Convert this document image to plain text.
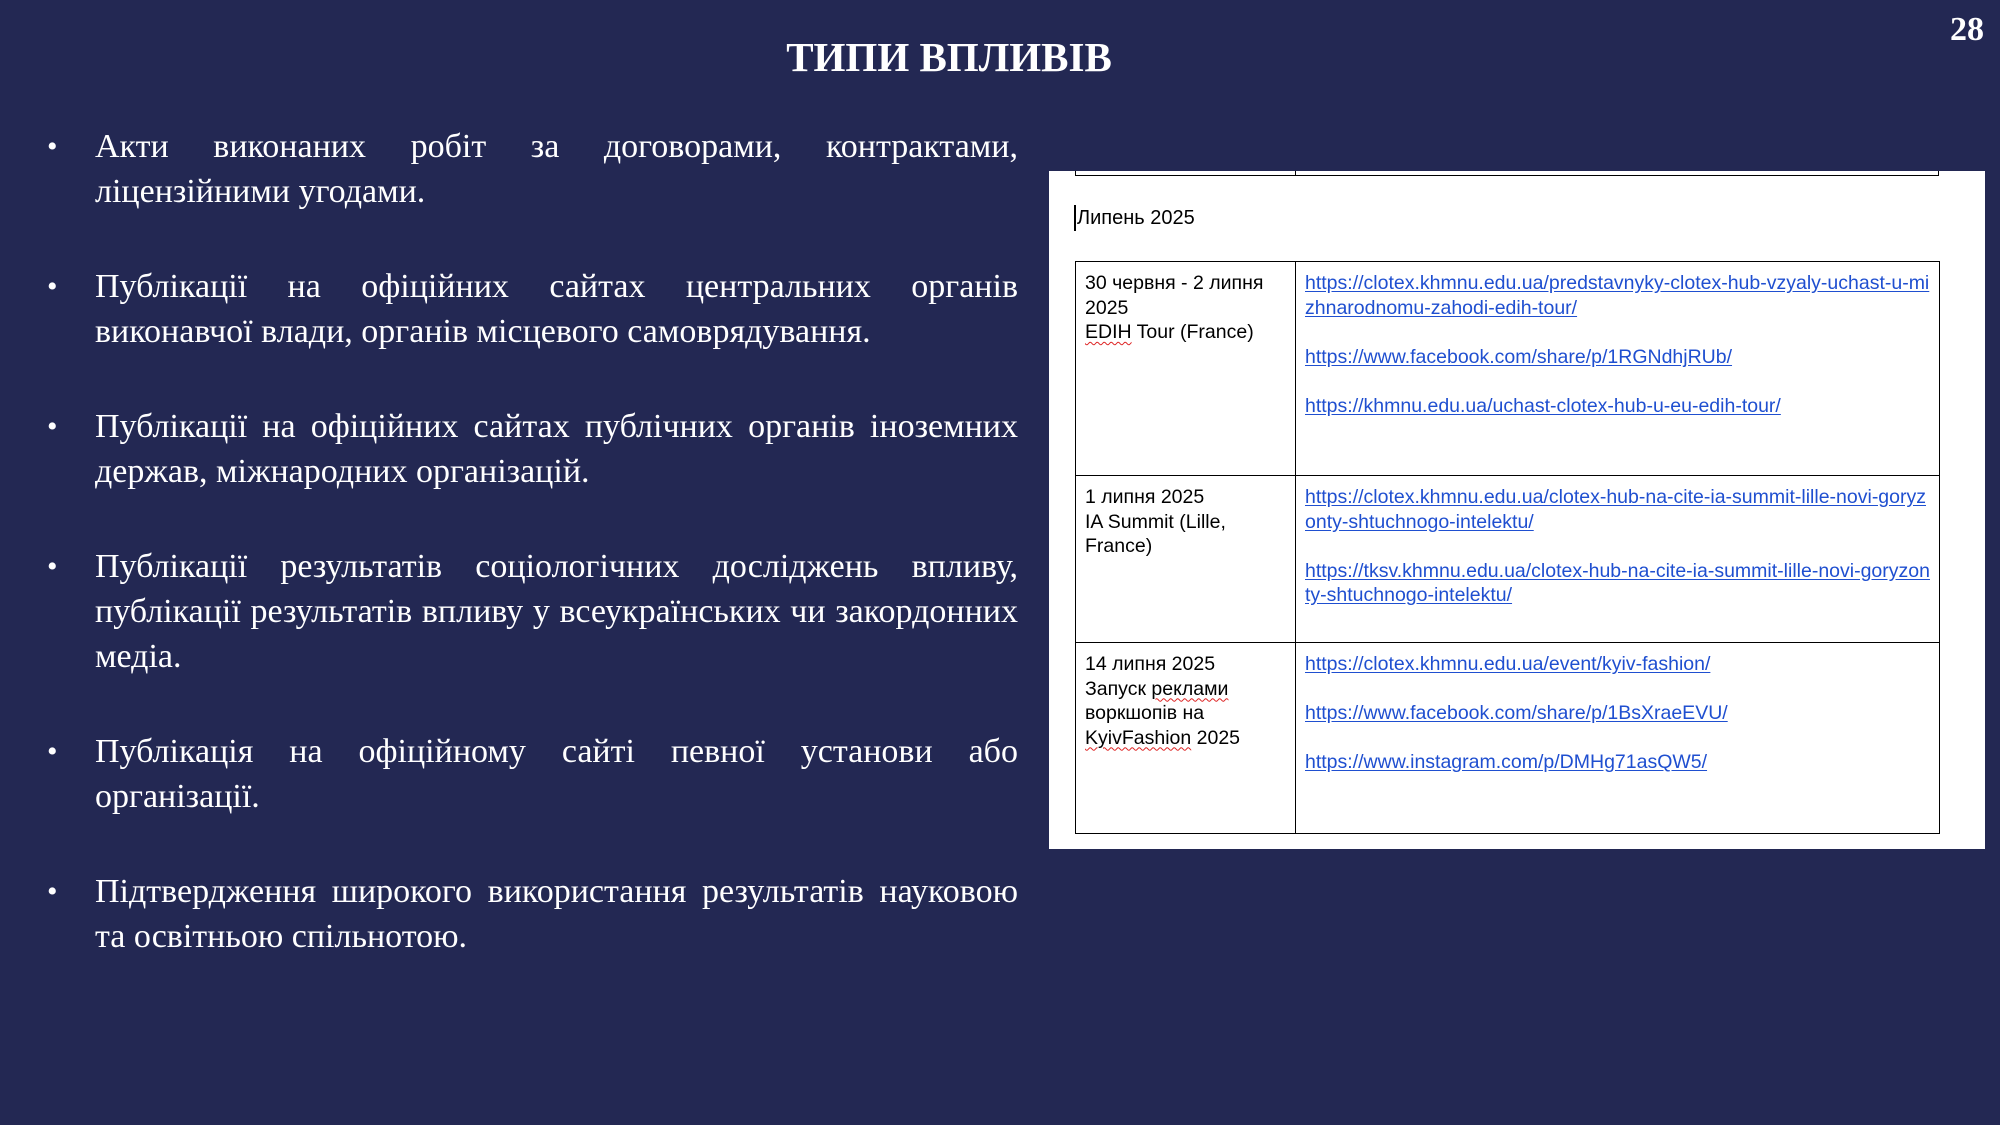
28
ТИПИ ВПЛИВІВ
• Акти виконаних робіт за договорами, контрактами, ліцензійними угодами.
• Публікації на офіційних сайтах центральних органів виконавчої влади, органів місцевого самоврядування.
• Публікації на офіційних сайтах публічних органів іноземних держав, міжнародних організацій.
• Публікації результатів соціологічних досліджень впливу, публікації результатів впливу у всеукраїнських чи закордонних медіа.
• Публікація на офіційному сайті певної установи або організації.
• Підтвердження широкого використання результатів науковою та освітньою спільнотою.
Липень 2025
30 червня - 2 липня 2025
EDIH Tour (France)	https://clotex.khmnu.edu.ua/predstavnyky-clotex-hub-vzyaly-uchast-u-mizhnarodnomu-zahodi-edih-tour/
https://www.facebook.com/share/p/1RGNdhjRUb/
https://khmnu.edu.ua/uchast-clotex-hub-u-eu-edih-tour/

1 липня 2025
IA Summit (Lille, France)	https://clotex.khmnu.edu.ua/clotex-hub-na-cite-ia-summit-lille-novi-goryzonty-shtuchnogo-intelektu/
https://tksv.khmnu.edu.ua/clotex-hub-na-cite-ia-summit-lille-novi-goryzonty-shtuchnogo-intelektu/

14 липня 2025
Запуск реклами
воркшопів на
KyivFashion 2025	https://clotex.khmnu.edu.ua/event/kyiv-fashion/
https://www.facebook.com/share/p/1BsXraeEVU/
https://www.instagram.com/p/DMHg71asQW5/
